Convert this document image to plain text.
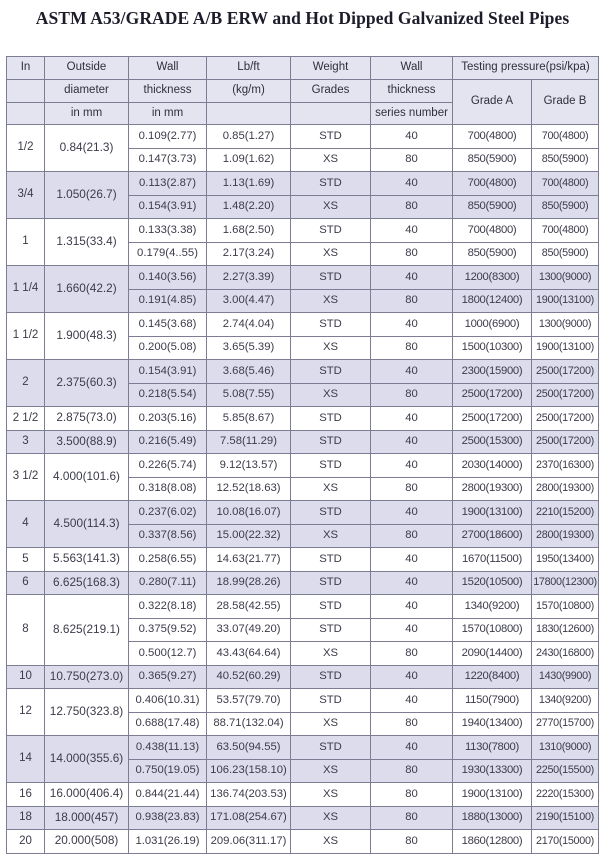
ASTM A53/GRADE A/B ERW and Hot Dipped Galvanized Steel Pipes
In	Outside	Wall	Lb/ft	Weight	Wall	Testing pressure(psi/kpa)	
	diameter	thickness	(kg/m)	Grades	thickness	Grade A	Grade B
	in mm	in mm			series number		
1/2	0.84(21.3)	0.109(2.77)	0.85(1.27)	STD	40	700(4800)	700(4800)
		0.147(3.73)	1.09(1.62)	XS	80	850(5900)	850(5900)
3/4	1.050(26.7)	0.113(2.87)	1.13(1.69)	STD	40	700(4800)	700(4800)
		0.154(3.91)	1.48(2.20)	XS	80	850(5900)	850(5900)
1	1.315(33.4)	0.133(3.38)	1.68(2.50)	STD	40	700(4800)	700(4800)
		0.179(4..55)	2.17(3.24)	XS	80	850(5900)	850(5900)
1 1/4	1.660(42.2)	0.140(3.56)	2.27(3.39)	STD	40	1200(8300)	1300(9000)
		0.191(4.85)	3.00(4.47)	XS	80	1800(12400)	1900(13100)
1 1/2	1.900(48.3)	0.145(3.68)	2.74(4.04)	STD	40	1000(6900)	1300(9000)
		0.200(5.08)	3.65(5.39)	XS	80	1500(10300)	1900(13100)
2	2.375(60.3)	0.154(3.91)	3.68(5.46)	STD	40	2300(15900)	2500(17200)
		0.218(5.54)	5.08(7.55)	XS	80	2500(17200)	2500(17200)
2 1/2	2.875(73.0)	0.203(5.16)	5.85(8.67)	STD	40	2500(17200)	2500(17200)
3	3.500(88.9)	0.216(5.49)	7.58(11.29)	STD	40	2500(15300)	2500(17200)
3 1/2	4.000(101.6)	0.226(5.74)	9.12(13.57)	STD	40	2030(14000)	2370(16300)
		0.318(8.08)	12.52(18.63)	XS	80	2800(19300)	2800(19300)
4	4.500(114.3)	0.237(6.02)	10.08(16.07)	STD	40	1900(13100)	2210(15200)
		0.337(8.56)	15.00(22.32)	XS	80	2700(18600)	2800(19300)
5	5.563(141.3)	0.258(6.55)	14.63(21.77)	STD	40	1670(11500)	1950(13400)
6	6.625(168.3)	0.280(7.11)	18.99(28.26)	STD	40	1520(10500)	17800(12300)
8	8.625(219.1)	0.322(8.18)	28.58(42.55)	STD	40	1340(9200)	1570(10800)
		0.375(9.52)	33.07(49.20)	STD	40	1570(10800)	1830(12600)
		0.500(12.7)	43.43(64.64)	XS	80	2090(14400)	2430(16800)
10	10.750(273.0)	0.365(9.27)	40.52(60.29)	STD	40	1220(8400)	1430(9900)
12	12.750(323.8)	0.406(10.31)	53.57(79.70)	STD	40	1150(7900)	1340(9200)
		0.688(17.48)	88.71(132.04)	XS	80	1940(13400)	2770(15700)
14	14.000(355.6)	0.438(11.13)	63.50(94.55)	STD	40	1130(7800)	1310(9000)
		0.750(19.05)	106.23(158.10)	XS	80	1930(13300)	2250(15500)
16	16.000(406.4)	0.844(21.44)	136.74(203.53)	XS	80	1900(13100)	2220(15300)
18	18.000(457)	0.938(23.83)	171.08(254.67)	XS	80	1880(13000)	2190(15100)
20	20.000(508)	1.031(26.19)	209.06(311.17)	XS	80	1860(12800)	2170(15000)
